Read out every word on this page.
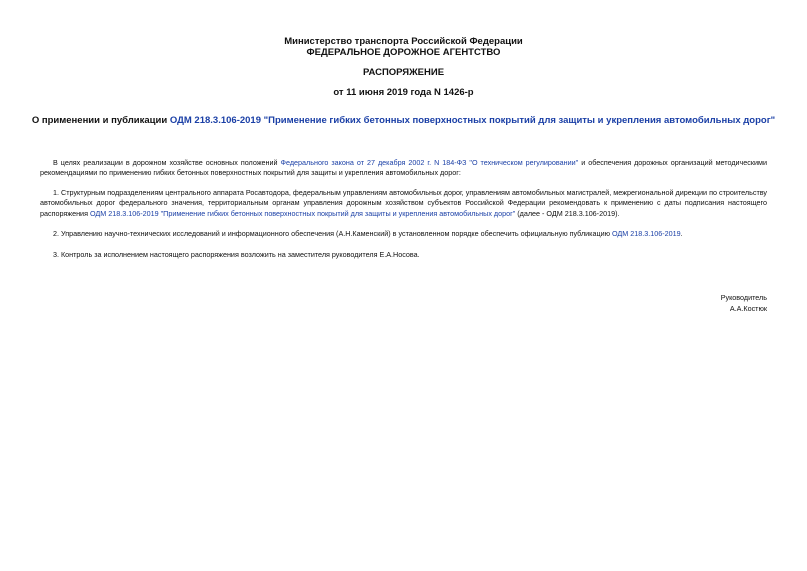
Министерство транспорта Российской Федерации
ФЕДЕРАЛЬНОЕ ДОРОЖНОЕ АГЕНТСТВО
РАСПОРЯЖЕНИЕ
от 11 июня 2019 года N 1426-р
О применении и публикации ОДМ 218.3.106-2019 "Применение гибких бетонных поверхностных покрытий для защиты и укрепления автомобильных дорог"
В целях реализации в дорожном хозяйстве основных положений Федерального закона от 27 декабря 2002 г. N 184-ФЗ "О техническом регулировании" и обеспечения дорожных организаций методическими рекомендациями по применению гибких бетонных поверхностных покрытий для защиты и укрепления автомобильных дорог:
1. Структурным подразделениям центрального аппарата Росавтодора, федеральным управлениям автомобильных дорог, управлениям автомобильных магистралей, межрегиональной дирекции по строительству автомобильных дорог федерального значения, территориальным органам управления дорожным хозяйством субъектов Российской Федерации рекомендовать к применению с даты подписания настоящего распоряжения ОДМ 218.3.106-2019 "Применение гибких бетонных поверхностных покрытий для защиты и укрепления автомобильных дорог" (далее - ОДМ 218.3.106-2019).
2. Управлению научно-технических исследований и информационного обеспечения (А.Н.Каменский) в установленном порядке обеспечить официальную публикацию ОДМ 218.3.106-2019.
3. Контроль за исполнением настоящего распоряжения возложить на заместителя руководителя Е.А.Носова.
Руководитель
А.А.Костюк
